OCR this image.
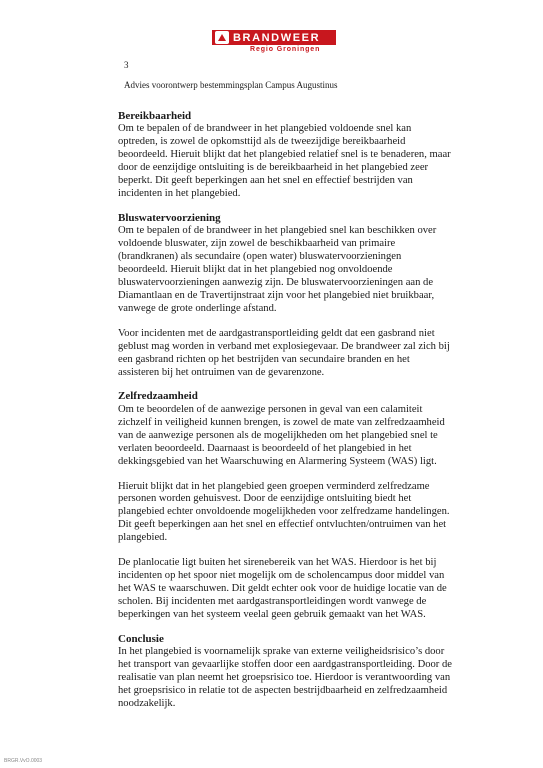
BRANDWEER
Regio Groningen
3
Advies voorontwerp bestemmingsplan Campus Augustinus
Bereikbaarheid

Om te bepalen of de brandweer in het plangebied voldoende snel kan optreden, is zowel de opkomsttijd als de tweezijdige bereikbaarheid beoordeeld. Hieruit blijkt dat het plangebied relatief snel is te benaderen, maar door de eenzijdige ontsluiting is de bereikbaarheid in het plangebied zeer beperkt. Dit geeft beperkingen aan het snel en effectief bestrijden van incidenten in het plangebied.

Bluswatervoorziening

Om te bepalen of de brandweer in het plangebied snel kan beschikken over voldoende bluswater, zijn zowel de beschikbaarheid van primaire (brandkranen) als secundaire (open water) bluswatervoorzieningen beoordeeld. Hieruit blijkt dat in het plangebied nog onvoldoende bluswatervoorzieningen aanwezig zijn. De bluswatervoorzieningen aan de Diamantlaan en de Travertijnstraat zijn voor het plangebied niet bruikbaar, vanwege de grote onderlinge afstand.

Voor incidenten met de aardgastransportleiding geldt dat een gasbrand niet geblust mag worden in verband met explosiegevaar. De brandweer zal zich bij een gasbrand richten op het bestrijden van secundaire branden en het assisteren bij het ontruimen van de gevarenzone.

Zelfredzaamheid

Om te beoordelen of de aanwezige personen in geval van een calamiteit zichzelf in veiligheid kunnen brengen, is zowel de mate van zelfredzaamheid van de aanwezige personen als de mogelijkheden om het plangebied snel te verlaten beoordeeld. Daarnaast is beoordeeld of het plangebied in het dekkingsgebied van het Waarschuwing en Alarmering Systeem (WAS) ligt.

Hieruit blijkt dat in het plangebied geen groepen verminderd zelfredzame personen worden gehuisvest. Door de eenzijdige ontsluiting biedt het plangebied echter onvoldoende mogelijkheden voor zelfredzame handelingen. Dit geeft beperkingen aan het snel en effectief ontvluchten/ontruimen van het plangebied.

De planlocatie ligt buiten het sirenebereik van het WAS. Hierdoor is het bij incidenten op het spoor niet mogelijk om de scholencampus door middel van het WAS te waarschuwen. Dit geldt echter ook voor de huidige locatie van de scholen. Bij incidenten met aardgastransportleidingen wordt vanwege de beperkingen van het systeem veelal geen gebruik gemaakt van het WAS.

Conclusie

In het plangebied is voornamelijk sprake van externe veiligheidsrisico’s door het transport van gevaarlijke stoffen door een aardgastransportleiding. Door de realisatie van plan neemt het groepsrisico toe. Hierdoor is verantwoording van het groepsrisico in relatie tot de aspecten bestrijdbaarheid en zelfredzaamheid noodzakelijk.

BRGR.VvO.0003
